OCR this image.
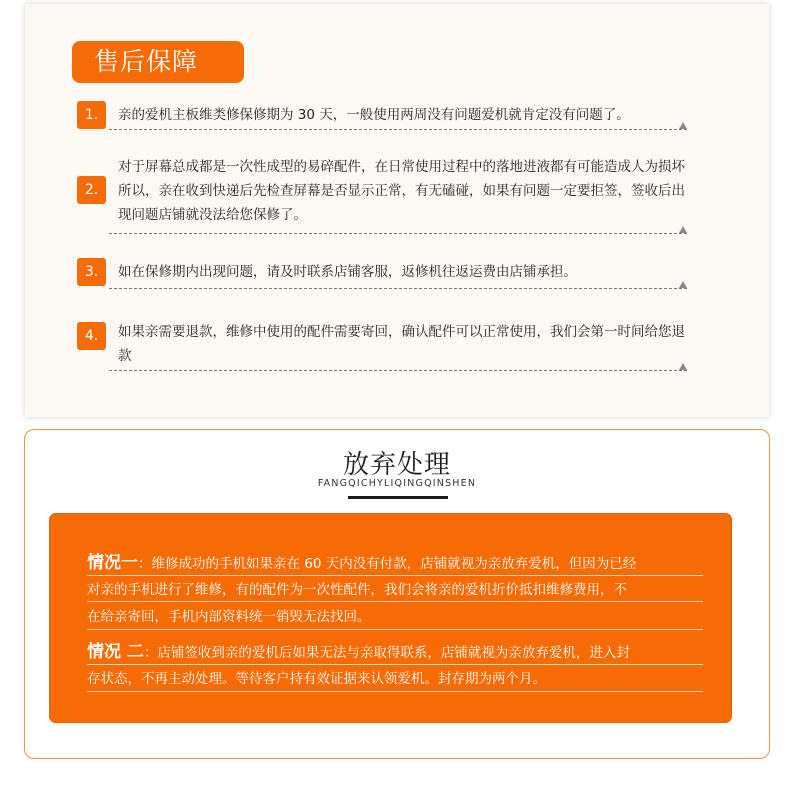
售后保障
1.	亲的爱机主板维类修保修期为 30 天，一般使用两周没有问题爱机就肯定没有问题了。
2.
对于屏幕总成都是一次性成型的易碎配件，在日常使用过程中的落地进液都有可能造成人为损坏所以，亲在收到快递后先检查屏幕是否显示正常，有无磕碰，如果有问题一定要拒签，签收后出现问题店铺就没法给您保修了。
3.	如在保修期内出现问题，请及时联系店铺客服，返修机往返运费由店铺承担。
4.	如果亲需要退款，维修中使用的配件需要寄回，确认配件可以正常使用，我们会第一时间给您退款
放弃处理
FANGQICHYLIQINGQINSHEN
情况一：维修成功的手机如果亲在 60 天内没有付款，店铺就视为亲放弃爱机，但因为已经
对亲的手机进行了维修，有的配件为一次性配件，我们会将亲的爱机折价抵扣维修费用，不
在给亲寄回，手机内部资料统一销毁无法找回。
情况 二：店铺签收到亲的爱机后如果无法与亲取得联系，店铺就视为亲放弃爱机，进入封
存状态，不再主动处理。等待客户持有效证据来认领爱机。封存期为两个月。
